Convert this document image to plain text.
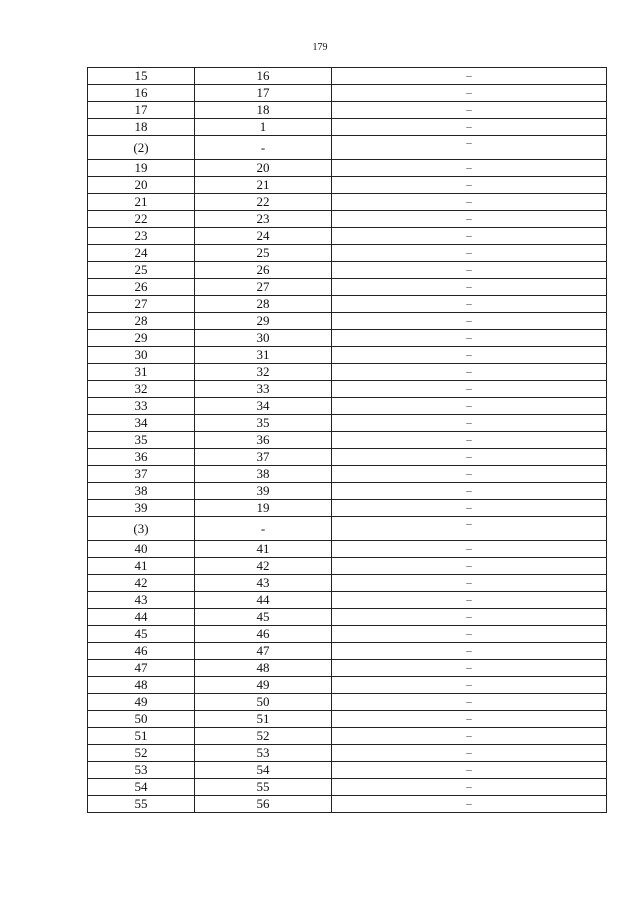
179
15	16	–
16	17	–
17	18	–
18	1	–
(2)	-	–
19	20	–
20	21	–
21	22	–
22	23	–
23	24	–
24	25	–
25	26	–
26	27	–
27	28	–
28	29	–
29	30	–
30	31	–
31	32	–
32	33	–
33	34	–
34	35	–
35	36	–
36	37	–
37	38	–
38	39	–
39	19	–
(3)	-	–
40	41	–
41	42	–
42	43	–
43	44	–
44	45	–
45	46	–
46	47	–
47	48	–
48	49	–
49	50	–
50	51	–
51	52	–
52	53	–
53	54	–
54	55	–
55	56	–
